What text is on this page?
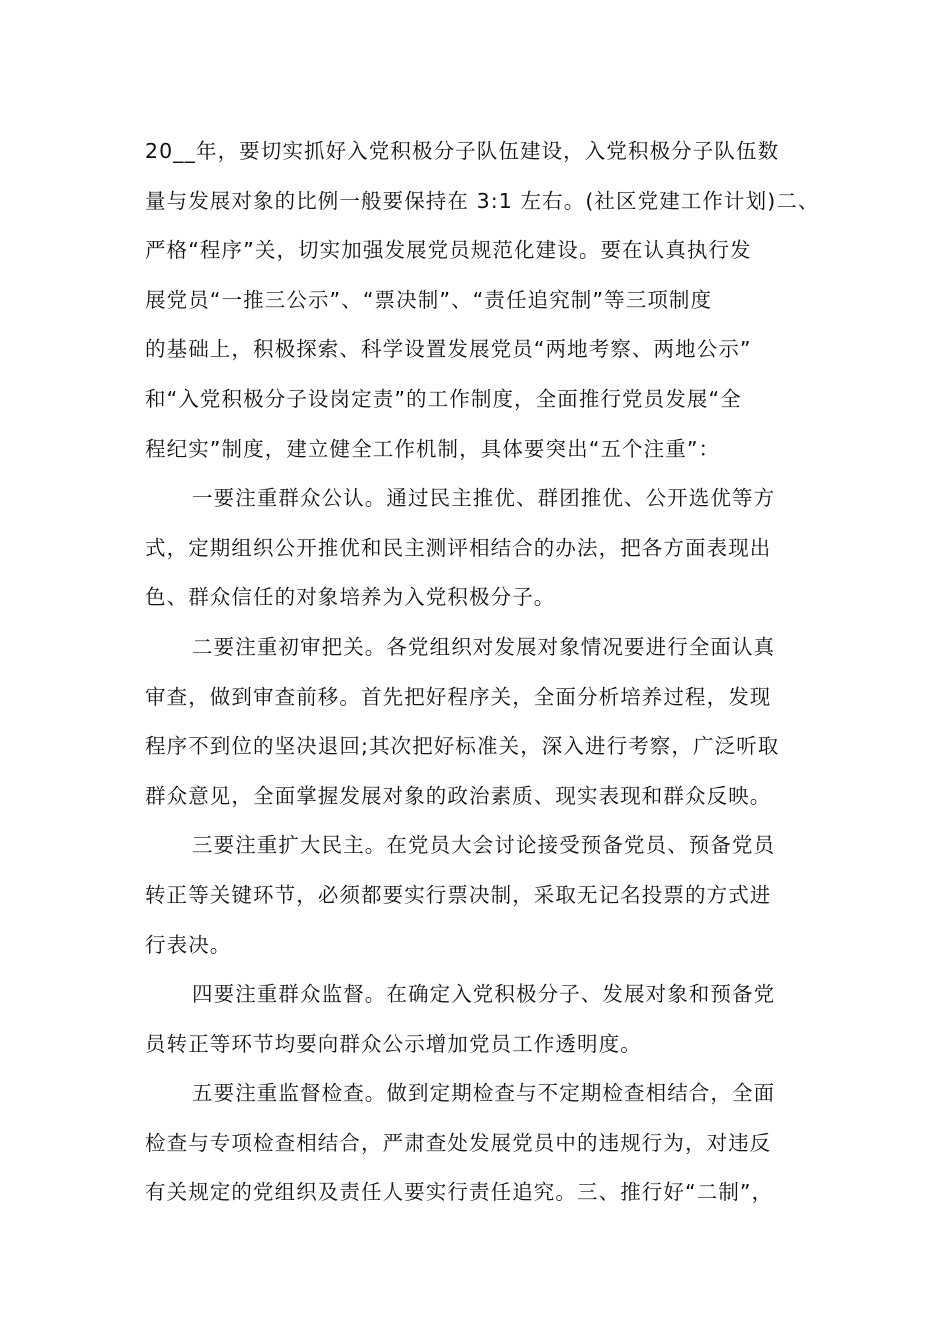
20__年，要切实抓好入党积极分子队伍建设，入党积极分子队伍数
量与发展对象的比例一般要保持在 3:1 左右。(社区党建工作计划)二、
严格“程序”关，切实加强发展党员规范化建设。要在认真执行发
展党员“一推三公示”、“票决制”、“责任追究制”等三项制度
的基础上，积极探索、科学设置发展党员“两地考察、两地公示”
和“入党积极分子设岗定责”的工作制度，全面推行党员发展“全
程纪实”制度，建立健全工作机制，具体要突出“五个注重”：
一要注重群众公认。通过民主推优、群团推优、公开选优等方
式，定期组织公开推优和民主测评相结合的办法，把各方面表现出
色、群众信任的对象培养为入党积极分子。
二要注重初审把关。各党组织对发展对象情况要进行全面认真
审查，做到审查前移。首先把好程序关，全面分析培养过程，发现
程序不到位的坚决退回;其次把好标准关，深入进行考察，广泛听取
群众意见，全面掌握发展对象的政治素质、现实表现和群众反映。
三要注重扩大民主。在党员大会讨论接受预备党员、预备党员
转正等关键环节，必须都要实行票决制，采取无记名投票的方式进
行表决。
四要注重群众监督。在确定入党积极分子、发展对象和预备党
员转正等环节均要向群众公示增加党员工作透明度。
五要注重监督检查。做到定期检查与不定期检查相结合，全面
检查与专项检查相结合，严肃查处发展党员中的违规行为，对违反
有关规定的党组织及责任人要实行责任追究。三、推行好“二制”，
